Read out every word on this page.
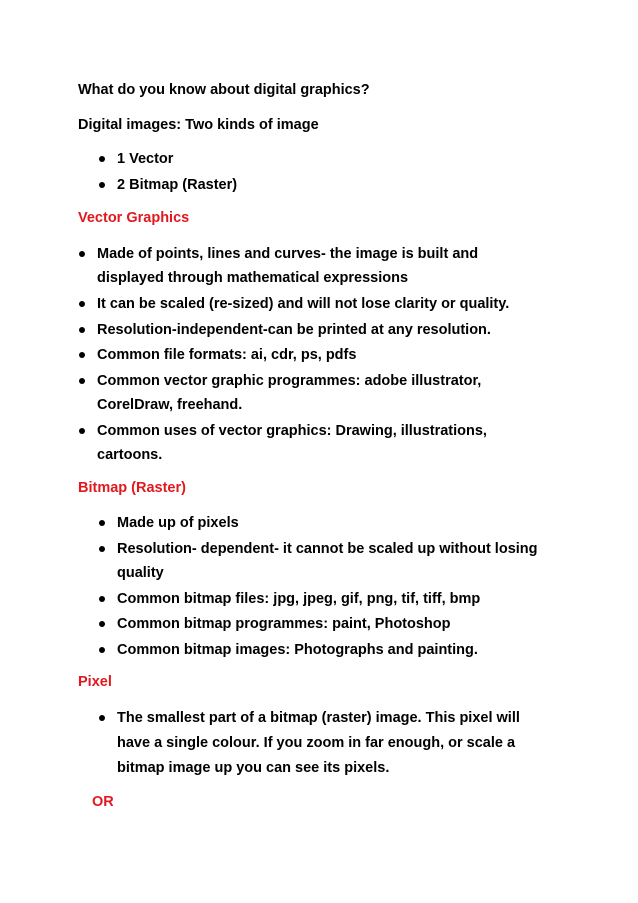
What do you know about digital graphics?
Digital images: Two kinds of image
1 Vector
2 Bitmap (Raster)
Vector Graphics
Made of points, lines and curves- the image is built and
displayed through mathematical expressions
It can be scaled (re-sized) and will not lose clarity or quality.
Resolution-independent-can be printed at any resolution.
Common file formats: ai, cdr, ps, pdfs
Common vector graphic programmes: adobe illustrator,
CorelDraw, freehand.
Common uses of vector graphics: Drawing, illustrations,
cartoons.
Bitmap (Raster)
Made up of pixels
Resolution- dependent- it cannot be scaled up without losing
quality
Common bitmap files: jpg, jpeg, gif, png, tif, tiff, bmp
Common bitmap programmes: paint, Photoshop
Common bitmap images: Photographs and painting.
Pixel
The smallest part of a bitmap (raster) image. This pixel will
have a single colour. If you zoom in far enough, or scale a
bitmap image up you can see its pixels.
OR
